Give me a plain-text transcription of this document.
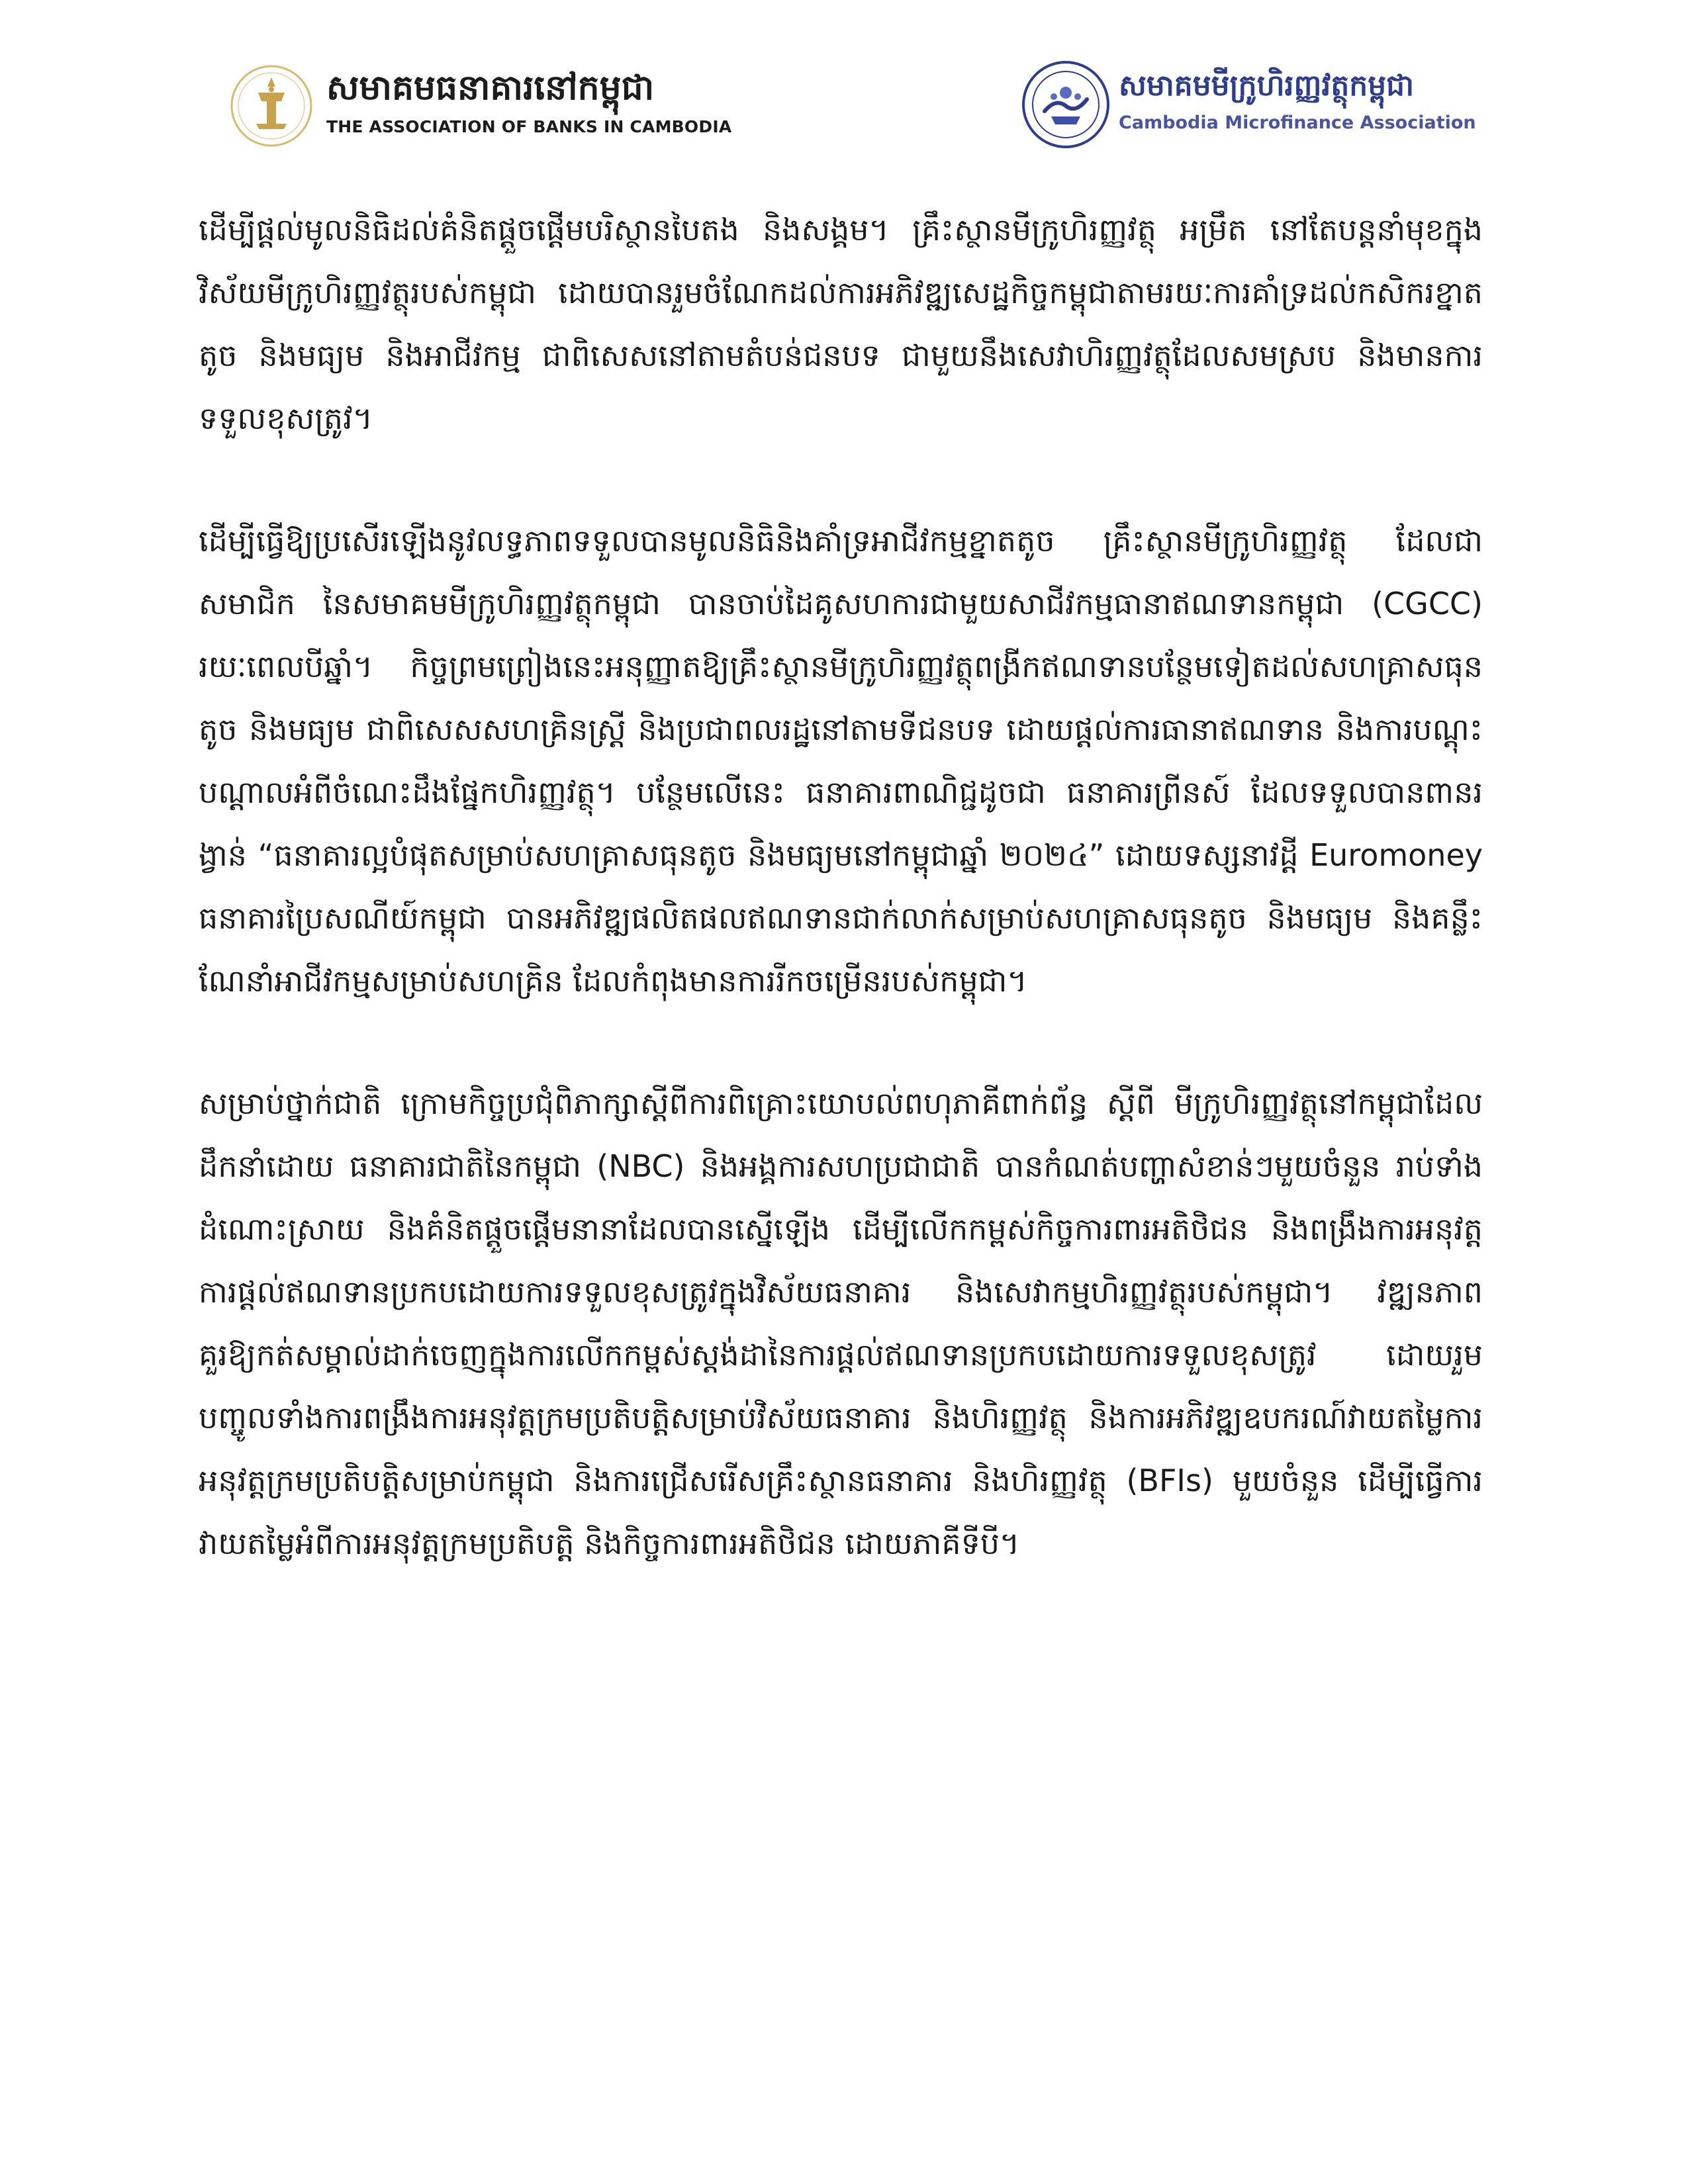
សមាគមធនាគារនៅកម្ពុជា
THE ASSOCIATION OF BANKS IN CAMBODIA
សមាគមមីក្រូហិរញ្ញវត្ថុកម្ពុជា
Cambodia Microfinance Association

ដើម្បីផ្តល់មូលនិធិដល់គំនិតផ្តួចផ្តើមបរិស្ថានបៃតង និងសង្គម។ គ្រឹះស្ថានមីក្រូហិរញ្ញវត្ថុ អម្រឹត នៅតែបន្តនាំមុខក្នុងវិស័យមីក្រូហិរញ្ញវត្ថុរបស់កម្ពុជា ដោយបានរួមចំណែកដល់ការអភិវឌ្ឍសេដ្ឋកិច្ចកម្ពុជាតាមរយៈការគាំទ្រដល់កសិករខ្នាតតូច និងមធ្យម និងអាជីវកម្ម ជាពិសេសនៅតាមតំបន់ជនបទ ជាមួយនឹងសេវាហិរញ្ញវត្ថុដែលសមស្រប និងមានការទទួលខុសត្រូវ។

ដើម្បីធ្វើឱ្យប្រសើរឡើងនូវលទ្ធភាពទទួលបានមូលនិធិនិងគាំទ្រអាជីវកម្មខ្នាតតូច គ្រឹះស្ថានមីក្រូហិរញ្ញវត្ថុ ដែលជាសមាជិក នៃសមាគមមីក្រូហិរញ្ញវត្ថុកម្ពុជា បានចាប់ដៃគូសហការជាមួយសាជីវកម្មធានាឥណទានកម្ពុជា (CGCC) រយៈពេលបីឆ្នាំ។ កិច្ចព្រមព្រៀងនេះអនុញ្ញាតឱ្យគ្រឹះស្ថានមីក្រូហិរញ្ញវត្ថុពង្រីកឥណទានបន្ថែមទៀតដល់សហគ្រាសធុនតូច និងមធ្យម ជាពិសេសសហគ្រិនស្ត្រី និងប្រជាពលរដ្ឋនៅតាមទីជនបទ ដោយផ្តល់ការធានាឥណទាន និងការបណ្តុះបណ្តាលអំពីចំណេះដឹងផ្នែកហិរញ្ញវត្ថុ។ បន្ថែមលើនេះ ធនាគារពាណិជ្ជដូចជា ធនាគារព្រីនស៍ ដែលទទួលបានពានរង្វាន់ “ធនាគារល្អបំផុតសម្រាប់សហគ្រាសធុនតូច និងមធ្យមនៅកម្ពុជាឆ្នាំ ២០២៤” ដោយទស្សនាវដ្តី Euromoney ធនាគារប្រៃសណីយ៍កម្ពុជា បានអភិវឌ្ឍផលិតផលឥណទានជាក់លាក់សម្រាប់សហគ្រាសធុនតូច និងមធ្យម និងគន្លឹះណែនាំអាជីវកម្មសម្រាប់សហគ្រិន ដែលកំពុងមានការរីកចម្រើនរបស់កម្ពុជា។

សម្រាប់ថ្នាក់ជាតិ ក្រោមកិច្ចប្រជុំពិភាក្សាស្តីពីការពិគ្រោះយោបល់ពហុភាគីពាក់ព័ន្ធ ស្តីពី មីក្រូហិរញ្ញវត្ថុនៅកម្ពុជាដែលដឹកនាំដោយ ធនាគារជាតិនៃកម្ពុជា (NBC) និងអង្គការសហប្រជាជាតិ បានកំណត់បញ្ហាសំខាន់ៗមួយចំនួន រាប់ទាំងដំណោះស្រាយ និងគំនិតផ្តួចផ្តើមនានាដែលបានស្នើឡើង ដើម្បីលើកកម្ពស់កិច្ចការពារអតិថិជន និងពង្រឹងការអនុវត្តការផ្តល់ឥណទានប្រកបដោយការទទួលខុសត្រូវក្នុងវិស័យធនាគារ និងសេវាកម្មហិរញ្ញវត្ថុរបស់កម្ពុជា។ វឌ្ឍនភាពគួរឱ្យកត់សម្គាល់ដាក់ចេញក្នុងការលើកកម្ពស់ស្តង់ដានៃការផ្តល់ឥណទានប្រកបដោយការទទួលខុសត្រូវ ដោយរួមបញ្ចូលទាំងការពង្រឹងការអនុវត្តក្រមប្រតិបត្តិសម្រាប់វិស័យធនាគារ និងហិរញ្ញវត្ថុ និងការអភិវឌ្ឍឧបករណ៍វាយតម្លៃការអនុវត្តក្រមប្រតិបត្តិសម្រាប់កម្ពុជា និងការជ្រើសរើសគ្រឹះស្ថានធនាគារ និងហិរញ្ញវត្ថុ (BFIs) មួយចំនួន ដើម្បីធ្វើការវាយតម្លៃអំពីការអនុវត្តក្រមប្រតិបត្តិ និងកិច្ចការពារអតិថិជន ដោយភាគីទីបី។
